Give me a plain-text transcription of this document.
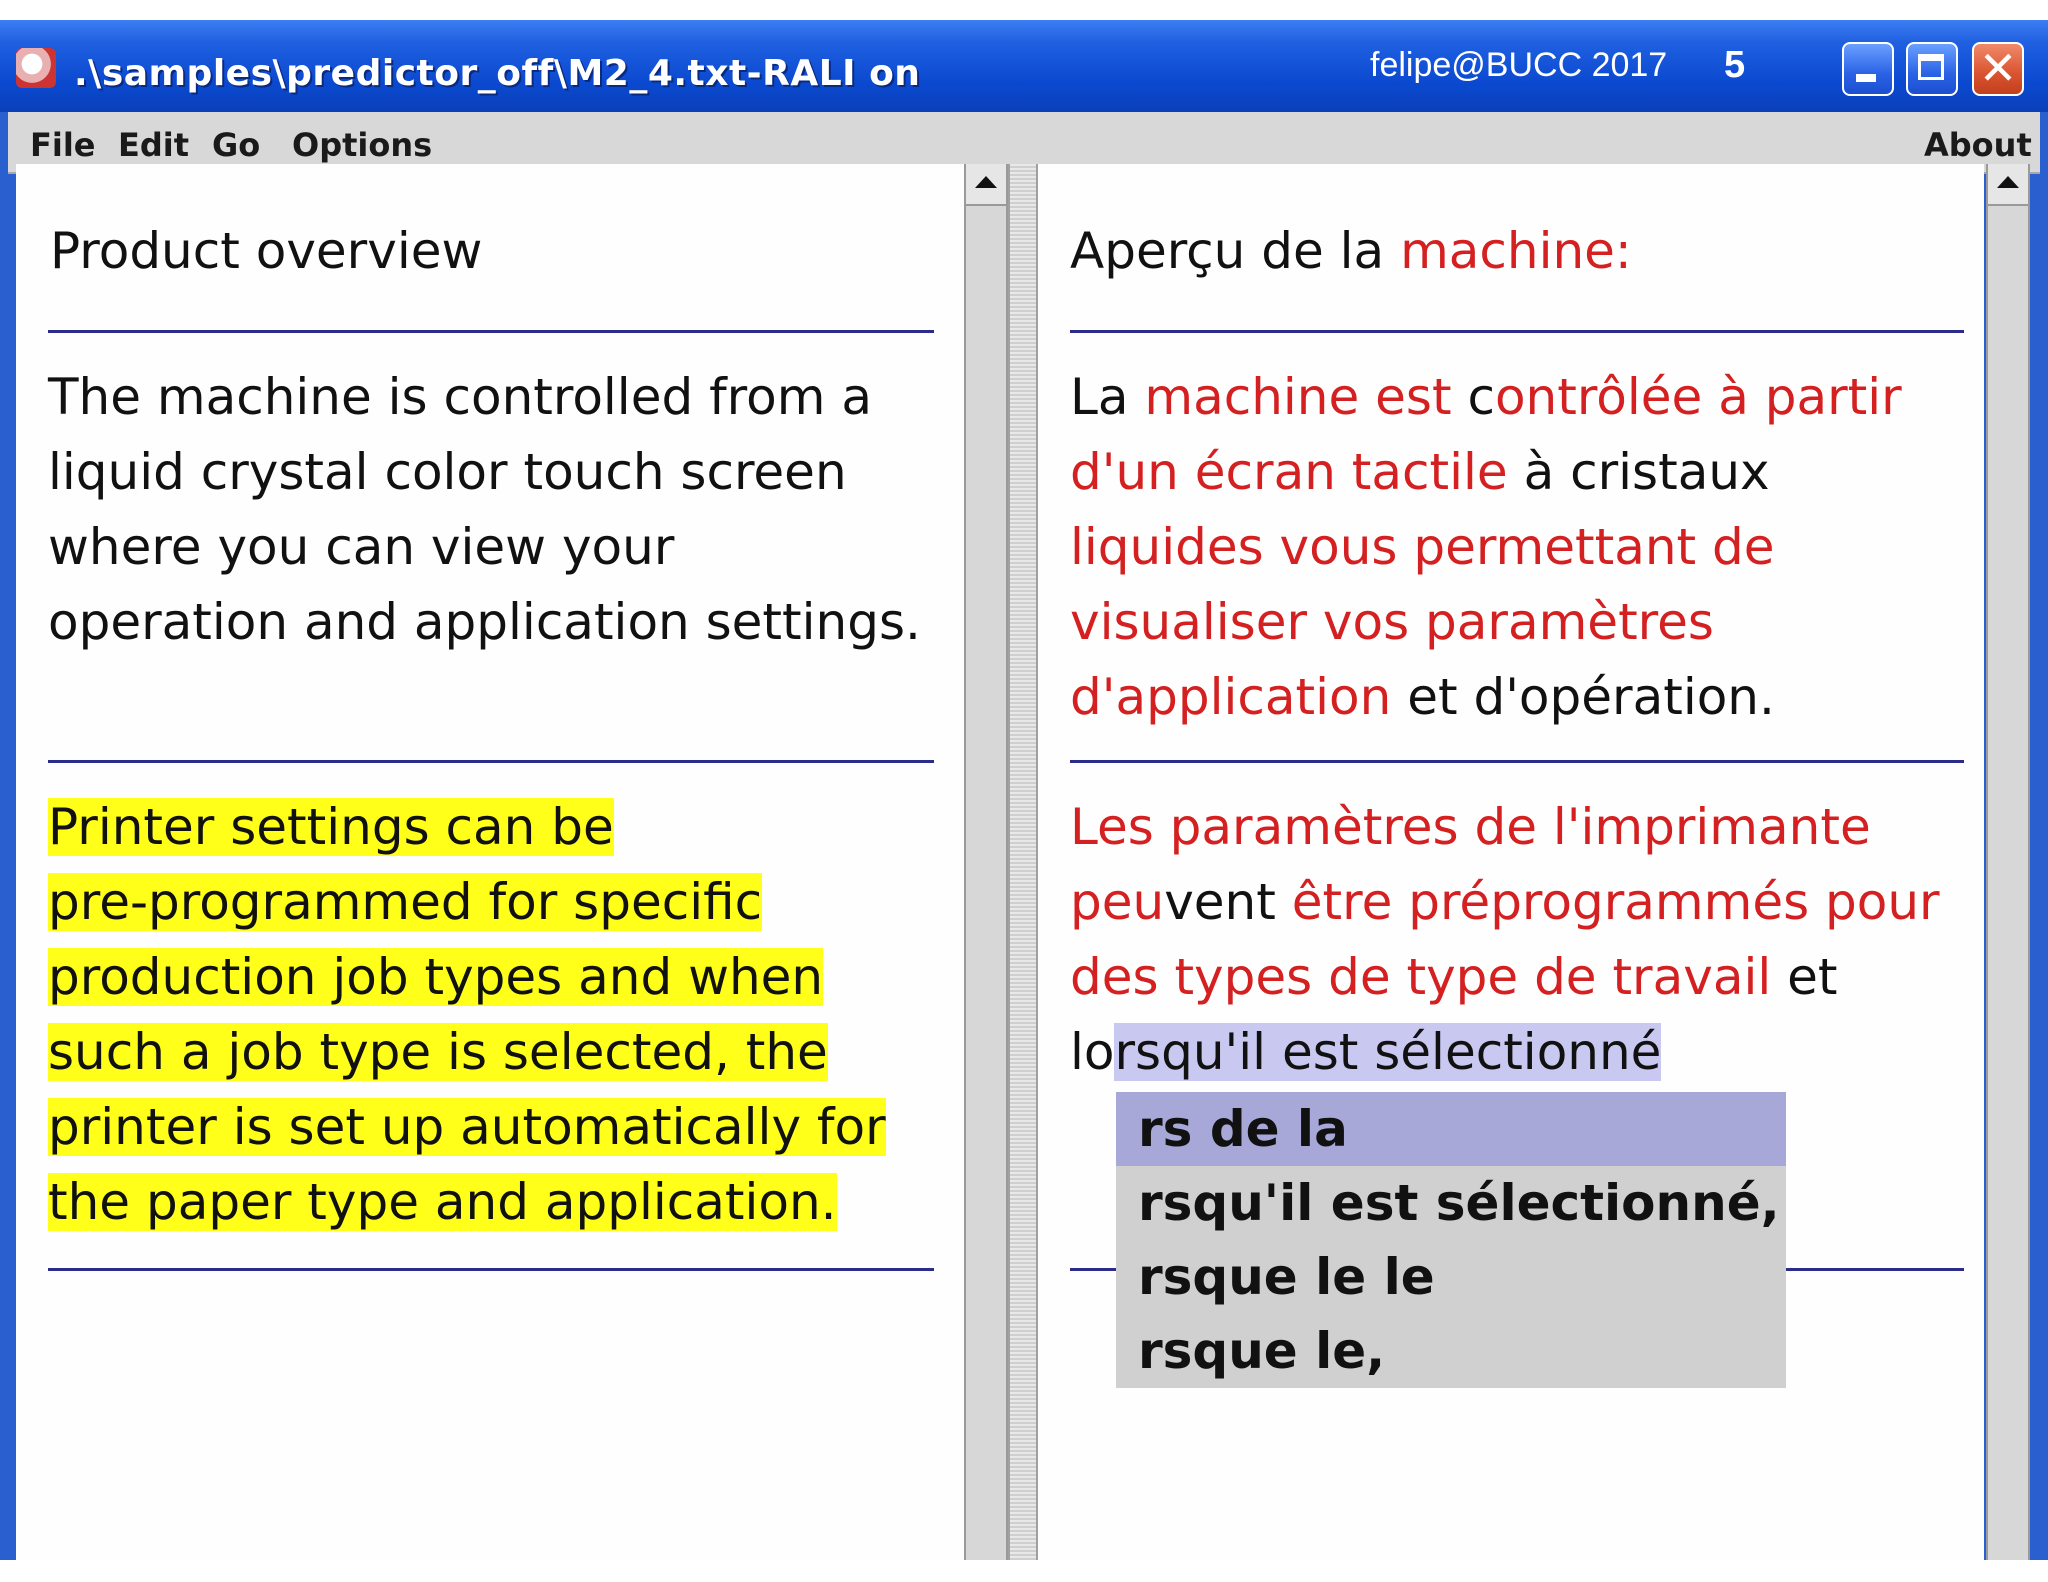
.\samples\predictor_off\M2_4.txt-RALI on	felipe@BUCC 2017 5	✕
File Edit Go Options	About
Product overview
The machine is controlled from a
liquid crystal color touch screen
where you can view your
operation and application settings.
Printer settings can be
pre-programmed for specific
production job types and when
such a job type is selected, the
printer is set up automatically for
the paper type and application.
Aperçu de la machine:
La machine est contrôlée à partir
d'un écran tactile à cristaux
liquides vous permettant de
visualiser vos paramètres
d'application et d'opération.
Les paramètres de l'imprimante
peuvent être préprogrammés pour
des types de type de travail et
lorsqu'il est sélectionné
rs de la
rsqu'il est sélectionné,
rsque le le
rsque le,
